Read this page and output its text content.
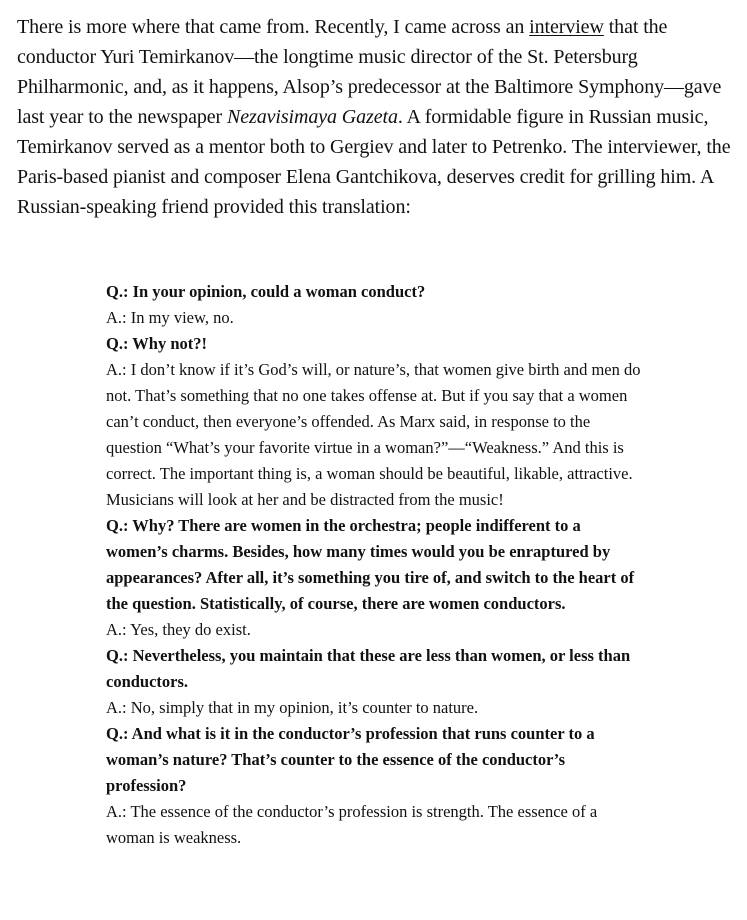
There is more where that came from. Recently, I came across an interview that the conductor Yuri Temirkanov—the longtime music director of the St. Petersburg Philharmonic, and, as it happens, Alsop’s predecessor at the Baltimore Symphony—gave last year to the newspaper Nezavisimaya Gazeta. A formidable figure in Russian music, Temirkanov served as a mentor both to Gergiev and later to Petrenko. The interviewer, the Paris-based pianist and composer Elena Gantchikova, deserves credit for grilling him. A Russian-speaking friend provided this translation:

Q.: In your opinion, could a woman conduct?

A.: In my view, no.

Q.: Why not?!

A.: I don’t know if it’s God’s will, or nature’s, that women give birth and men do not. That’s something that no one takes offense at. But if you say that a women can’t conduct, then everyone’s offended. As Marx said, in response to the question “What’s your favorite virtue in a woman?”—“Weakness.” And this is correct. The important thing is, a woman should be beautiful, likable, attractive. Musicians will look at her and be distracted from the music!

Q.: Why? There are women in the orchestra; people indifferent to a women’s charms. Besides, how many times would you be enraptured by appearances? After all, it’s something you tire of, and switch to the heart of the question. Statistically, of course, there are women conductors.

A.: Yes, they do exist.

Q.: Nevertheless, you maintain that these are less than women, or less than conductors.

A.: No, simply that in my opinion, it’s counter to nature.

Q.: And what is it in the conductor’s profession that runs counter to a woman’s nature? That’s counter to the essence of the conductor’s profession?

A.: The essence of the conductor’s profession is strength. The essence of a woman is weakness.
